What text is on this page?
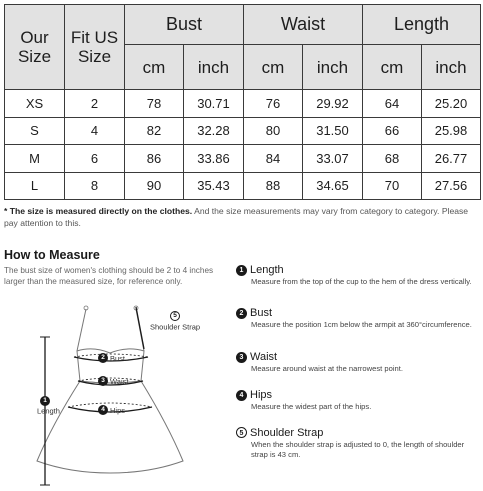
Our
Size	Fit US
Size	Bust		Waist		Length	
		cm	inch	cm	inch	cm	inch
XS	2	78	30.71	76	29.92	64	25.20
S	4	82	32.28	80	31.50	66	25.98
M	6	86	33.86	84	33.07	68	26.77
L	8	90	35.43	88	34.65	70	27.56
* The size is measured directly on the clothes. And the size measurements may vary from category to category. Please pay attention to this.
How to Measure
The bust size of women's clothing should be 2 to 4 inches larger than the measured size, for reference only.
5
Shoulder Strap
2 Bust
3 Waist
4 Hips
1
Length
1 Length
Measure from the top of the cup to the hem of the dress vertically.
2 Bust
Measure the position 1cm below the armpit at 360°circumference.
3 Waist
Measure around waist at the narrowest point.
4 Hips
Measure the widest part of the hips.
5 Shoulder Strap
When the shoulder strap is adjusted to 0, the length of shoulder strap is 43 cm.
